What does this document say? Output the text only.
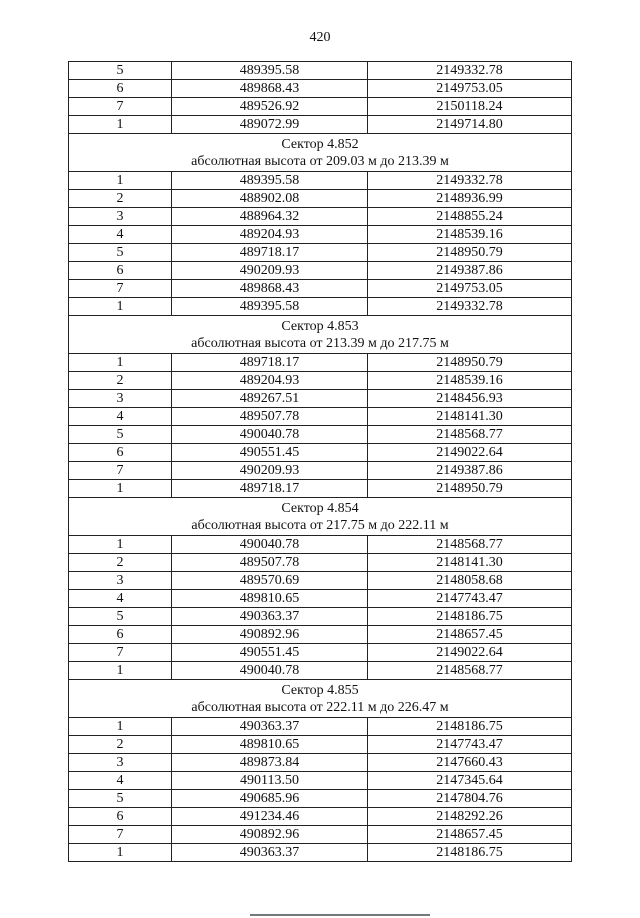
420
5	489395.58	2149332.78
6	489868.43	2149753.05
7	489526.92	2150118.24
1	489072.99	2149714.80

Сектор 4.852
абсолютная высота от 209.03 м до 213.39 м		

1	489395.58	2149332.78
2	488902.08	2148936.99
3	488964.32	2148855.24
4	489204.93	2148539.16
5	489718.17	2148950.79
6	490209.93	2149387.86
7	489868.43	2149753.05
1	489395.58	2149332.78

Сектор 4.853
абсолютная высота от 213.39 м до 217.75 м		

1	489718.17	2148950.79
2	489204.93	2148539.16
3	489267.51	2148456.93
4	489507.78	2148141.30
5	490040.78	2148568.77
6	490551.45	2149022.64
7	490209.93	2149387.86
1	489718.17	2148950.79

Сектор 4.854
абсолютная высота от 217.75 м до 222.11 м		

1	490040.78	2148568.77
2	489507.78	2148141.30
3	489570.69	2148058.68
4	489810.65	2147743.47
5	490363.37	2148186.75
6	490892.96	2148657.45
7	490551.45	2149022.64
1	490040.78	2148568.77

Сектор 4.855
абсолютная высота от 222.11 м до 226.47 м		

1	490363.37	2148186.75
2	489810.65	2147743.47
3	489873.84	2147660.43
4	490113.50	2147345.64
5	490685.96	2147804.76
6	491234.46	2148292.26
7	490892.96	2148657.45
1	490363.37	2148186.75
